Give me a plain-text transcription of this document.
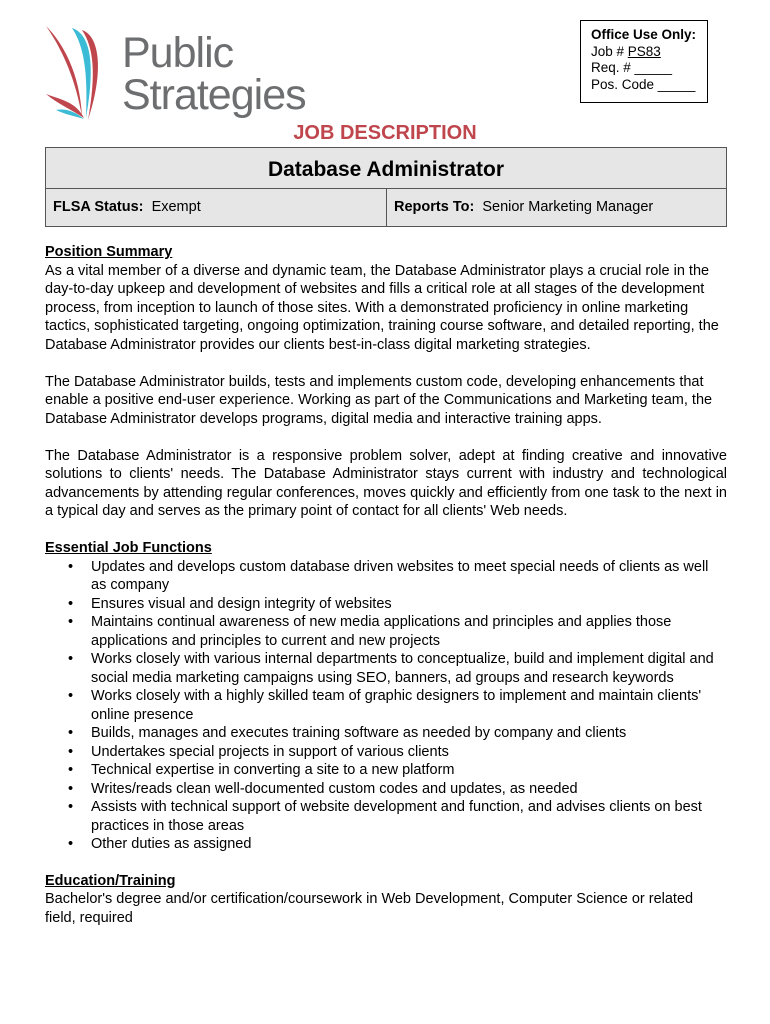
Public
Strategies
Office Use Only:
Job # PS83
Req. # _____
Pos. Code _____
JOB DESCRIPTION
Database Administrator
FLSA Status: Exempt	Reports To: Senior Marketing Manager
Position Summary

As a vital member of a diverse and dynamic team, the Database Administrator plays a crucial role in the day-to-day upkeep and development of websites and fills a critical role at all stages of the development process, from inception to launch of those sites. With a demonstrated proficiency in online marketing tactics, sophisticated targeting, ongoing optimization, training course software, and detailed reporting, the Database Administrator provides our clients best-in-class digital marketing strategies.

The Database Administrator builds, tests and implements custom code, developing enhancements that enable a positive end-user experience. Working as part of the Communications and Marketing team, the Database Administrator develops programs, digital media and interactive training apps.

The Database Administrator is a responsive problem solver, adept at finding creative and innovative solutions to clients' needs. The Database Administrator stays current with industry and technological advancements by attending regular conferences, moves quickly and efficiently from one task to the next in a typical day and serves as the primary point of contact for all clients' Web needs.

Essential Job Functions
• Updates and develops custom database driven websites to meet special needs of clients as well as company
• Ensures visual and design integrity of websites
• Maintains continual awareness of new media applications and principles and applies those applications and principles to current and new projects
• Works closely with various internal departments to conceptualize, build and implement digital and social media marketing campaigns using SEO, banners, ad groups and research keywords
• Works closely with a highly skilled team of graphic designers to implement and maintain clients' online presence
• Builds, manages and executes training software as needed by company and clients
• Undertakes special projects in support of various clients
• Technical expertise in converting a site to a new platform
• Writes/reads clean well-documented custom codes and updates, as needed
• Assists with technical support of website development and function, and advises clients on best practices in those areas
• Other duties as assigned
Education/Training

Bachelor's degree and/or certification/coursework in Web Development, Computer Science or related field, required
